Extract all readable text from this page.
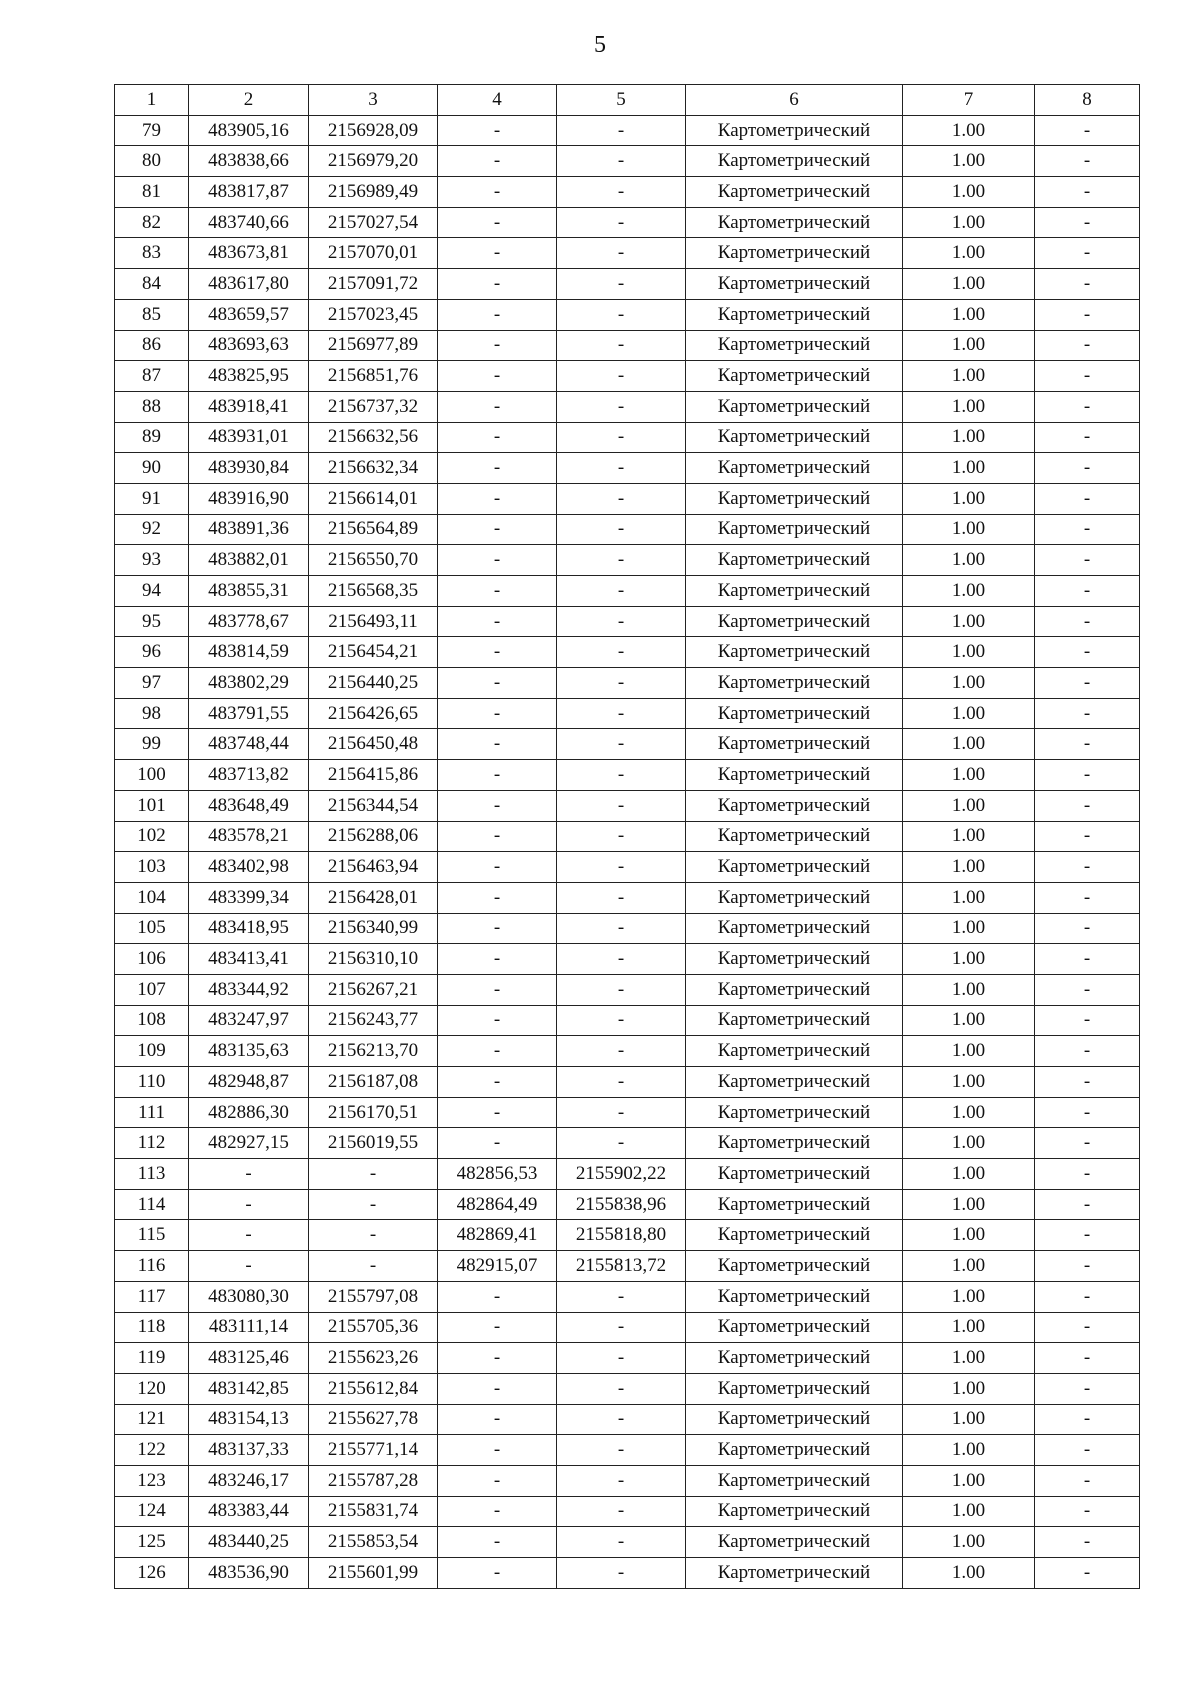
5
1	2	3	4	5	6	7	8
79	483905,16	2156928,09	-	-	Картометрический	1.00	-
80	483838,66	2156979,20	-	-	Картометрический	1.00	-
81	483817,87	2156989,49	-	-	Картометрический	1.00	-
82	483740,66	2157027,54	-	-	Картометрический	1.00	-
83	483673,81	2157070,01	-	-	Картометрический	1.00	-
84	483617,80	2157091,72	-	-	Картометрический	1.00	-
85	483659,57	2157023,45	-	-	Картометрический	1.00	-
86	483693,63	2156977,89	-	-	Картометрический	1.00	-
87	483825,95	2156851,76	-	-	Картометрический	1.00	-
88	483918,41	2156737,32	-	-	Картометрический	1.00	-
89	483931,01	2156632,56	-	-	Картометрический	1.00	-
90	483930,84	2156632,34	-	-	Картометрический	1.00	-
91	483916,90	2156614,01	-	-	Картометрический	1.00	-
92	483891,36	2156564,89	-	-	Картометрический	1.00	-
93	483882,01	2156550,70	-	-	Картометрический	1.00	-
94	483855,31	2156568,35	-	-	Картометрический	1.00	-
95	483778,67	2156493,11	-	-	Картометрический	1.00	-
96	483814,59	2156454,21	-	-	Картометрический	1.00	-
97	483802,29	2156440,25	-	-	Картометрический	1.00	-
98	483791,55	2156426,65	-	-	Картометрический	1.00	-
99	483748,44	2156450,48	-	-	Картометрический	1.00	-
100	483713,82	2156415,86	-	-	Картометрический	1.00	-
101	483648,49	2156344,54	-	-	Картометрический	1.00	-
102	483578,21	2156288,06	-	-	Картометрический	1.00	-
103	483402,98	2156463,94	-	-	Картометрический	1.00	-
104	483399,34	2156428,01	-	-	Картометрический	1.00	-
105	483418,95	2156340,99	-	-	Картометрический	1.00	-
106	483413,41	2156310,10	-	-	Картометрический	1.00	-
107	483344,92	2156267,21	-	-	Картометрический	1.00	-
108	483247,97	2156243,77	-	-	Картометрический	1.00	-
109	483135,63	2156213,70	-	-	Картометрический	1.00	-
110	482948,87	2156187,08	-	-	Картометрический	1.00	-
111	482886,30	2156170,51	-	-	Картометрический	1.00	-
112	482927,15	2156019,55	-	-	Картометрический	1.00	-
113	-	-	482856,53	2155902,22	Картометрический	1.00	-
114	-	-	482864,49	2155838,96	Картометрический	1.00	-
115	-	-	482869,41	2155818,80	Картометрический	1.00	-
116	-	-	482915,07	2155813,72	Картометрический	1.00	-
117	483080,30	2155797,08	-	-	Картометрический	1.00	-
118	483111,14	2155705,36	-	-	Картометрический	1.00	-
119	483125,46	2155623,26	-	-	Картометрический	1.00	-
120	483142,85	2155612,84	-	-	Картометрический	1.00	-
121	483154,13	2155627,78	-	-	Картометрический	1.00	-
122	483137,33	2155771,14	-	-	Картометрический	1.00	-
123	483246,17	2155787,28	-	-	Картометрический	1.00	-
124	483383,44	2155831,74	-	-	Картометрический	1.00	-
125	483440,25	2155853,54	-	-	Картометрический	1.00	-
126	483536,90	2155601,99	-	-	Картометрический	1.00	-
